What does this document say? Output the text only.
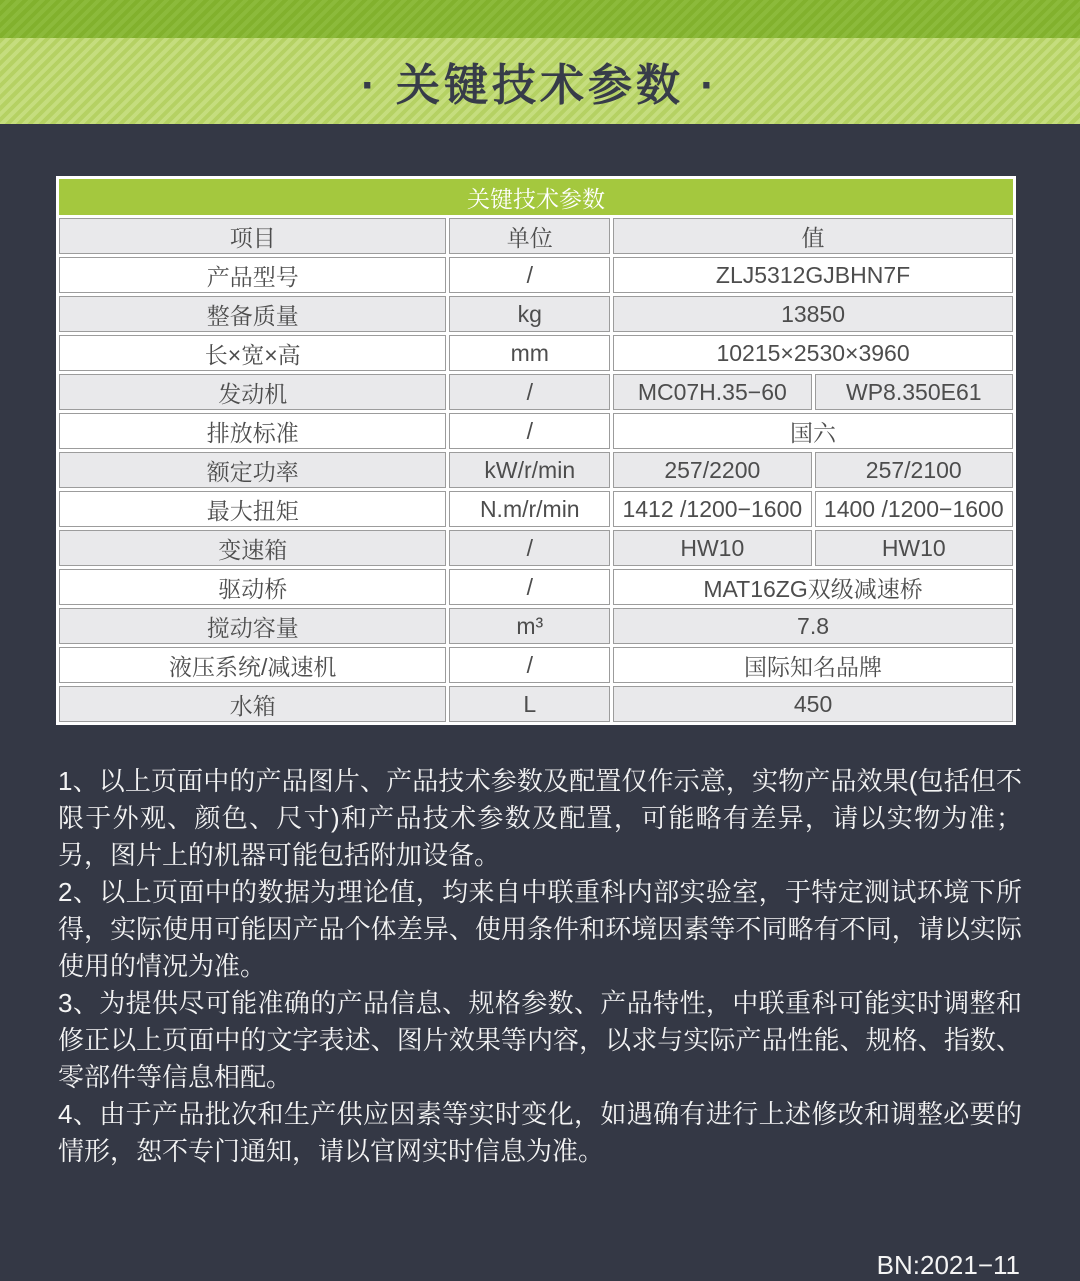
· 关键技术参数 ·
关键技术参数			
项目	单位	值	
产品型号	/	ZLJ5312GJBHN7F	
整备质量	kg	13850	
长×宽×高	mm	10215×2530×3960	
发动机	/	MC07H.35−60	WP8.350E61
排放标准	/	国六	
额定功率	kW/r/min	257/2200	257/2100
最大扭矩	N.m/r/min	1412 /1200−1600	1400 /1200−1600
变速箱	/	HW10	HW10
驱动桥	/	MAT16ZG双级减速桥	
搅动容量	m³	7.8	
液压系统/减速机	/	国际知名品牌	
水箱	L	450	

1、以上页面中的产品图片、产品技术参数及配置仅作示意，实物产品效果(包括但不限于外观、颜色、尺寸)和产品技术参数及配置，可能略有差异，请以实物为准；另，图片上的机器可能包括附加设备。

2、以上页面中的数据为理论值，均来自中联重科内部实验室，于特定测试环境下所得，实际使用可能因产品个体差异、使用条件和环境因素等不同略有不同，请以实际使用的情况为准。

3、为提供尽可能准确的产品信息、规格参数、产品特性，中联重科可能实时调整和修正以上页面中的文字表述、图片效果等内容，以求与实际产品性能、规格、指数、零部件等信息相配。

4、由于产品批次和生产供应因素等实时变化，如遇确有进行上述修改和调整必要的情形，恕不专门通知，请以官网实时信息为准。

BN:2021−11
